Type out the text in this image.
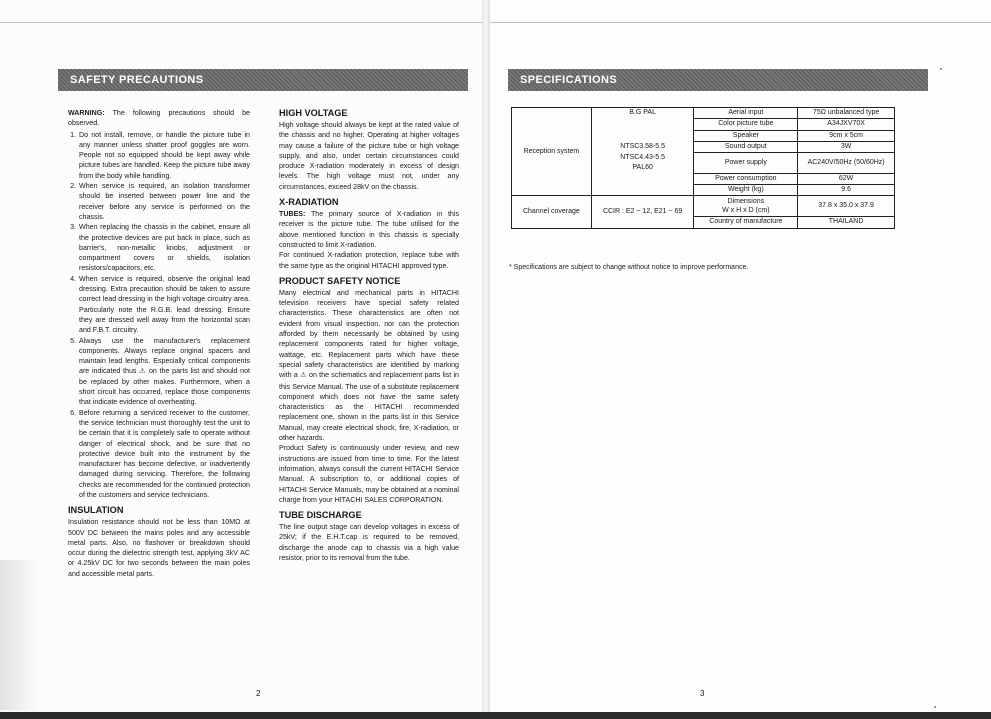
SAFETY PRECAUTIONS

WARNING: The following precautions should be observed.

1. Do not install, remove, or handle the picture tube in any manner unless shatter proof goggles are worn. People not so equipped should be kept away while picture tubes are handled. Keep the picture tube away from the body while handling.
2. When service is required, an isolation transformer should be inserted between power line and the receiver before any service is performed on the chassis.
3. When replacing the chassis in the cabinet, ensure all the protective devices are put back in place, such as barrier's, non-metallic knobs, adjustment or compartment covers or shields, isolation resistors/capacitors, etc.
4. When service is required, observe the original lead dressing. Extra precaution should be taken to assure correct lead dressing in the high voltage circuitry area. Particularly note the R.G.B. lead dressing. Ensure they are dressed well away from the horizontal scan and F.B.T. circuitry.
5. Always use the manufacturer's replacement components. Always replace original spacers and maintain lead lengths. Especially critical components are indicated thus ⚠ on the parts list and should not be replaced by other makes. Furthermore, when a short circuit has occurred, replace those components that indicate evidence of overheating.
6. Before returning a serviced receiver to the customer, the service technician must thoroughly test the unit to be certain that it is completely safe to operate without danger of electrical shock, and be sure that no protective device built into the instrument by the manufacturer has become defective, or inadvertently damaged during servicing. Therefore, the following checks are recommended for the continued protection of the customers and service technicians.
INSULATION

Insulation resistance should not be less than 10MΩ at 500V DC between the mains poles and any accessible metal parts. Also, no flashover or breakdown should occur during the dielectric strength test, applying 3kV AC or 4.25kV DC for two seconds between the main poles and accessible metal parts.

HIGH VOLTAGE

High voltage should always be kept at the rated value of the chassis and no higher. Operating at higher voltages may cause a failure of the picture tube or high voltage supply, and also, under certain circumstances could produce X-radiation moderately in excess of design levels. The high voltage must not, under any circumstances, exceed 28kV on the chassis.

X-RADIATION

TUBES: The primary source of X-radiation in this receiver is the picture tube. The tube utilised for the above mentioned function in this chassis is specially constructed to limit X-radiation.

For continued X-radiation protection, replace tube with the same type as the original HITACHI approved type.

PRODUCT SAFETY NOTICE

Many electrical and mechanical parts in HITACHI television receivers have special safety related characteristics. These characteristics are often not evident from visual inspection, nor can the protection afforded by them necessarily be obtained by using replacement components rated for higher voltage, wattage, etc. Replacement parts which have these special safety characteristics are identified by marking with a ⚠ on the schematics and replacement parts list in this Service Manual. The use of a substitute replacement component which does not have the same safety characteristics as the HITACHI recommended replacement one, shown in the parts list in this Service Manual, may create electrical shock, fire, X-radiation, or other hazards.

Product Safety is continuously under review, and new instructions are issued from time to time. For the latest information, always consult the current HITACHI Service Manual. A subscription to, or additional copies of HITACHI Service Manuals, may be obtained at a nominal charge from your HITACHI SALES CORPORATION.

TUBE DISCHARGE

The line output stage can develop voltages in excess of 25kV; if the E.H.T.cap is required to be removed, discharge the anode cap to chassis via a high value resistor, prior to its removal from the tube.

2
SPECIFICATIONS
Reception system	B.G PAL	Aerial input	75Ω unbalanced type
		Color picture tube	A34JXV70X
		Speaker	9cm x 5cm
	NTSC3.58-5.5	Sound output	3W
	NTSC4.43-5.5	Power supply	AC240V/50Hz (50/60Hz)
	PAL60		
		Power consumption	62W
		Weight (kg)	9.6
Channel coverage	CCIR : E2 ~ 12, E21 ~ 69	Dimensions
W x H x D (cm)	37.8 x 35.0 x 37.9
		Country of manufacture	THAILAND
* Specifications are subject to change without notice to improve performance.
3
